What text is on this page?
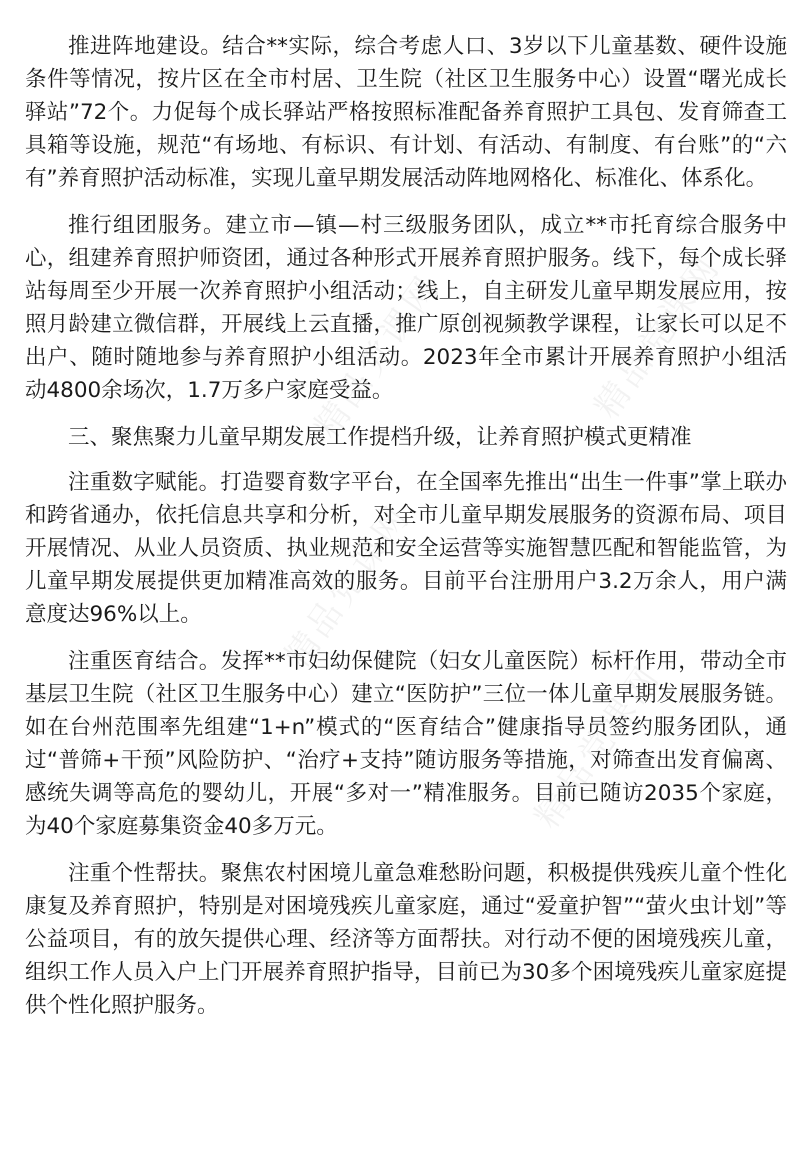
精品党课网	精品党课网
精品党课网
精品党课网

推进阵地建设。结合**实际，综合考虑人口、3岁以下儿童基数、硬件设施条件等情况，按片区在全市村居、卫生院（社区卫生服务中心）设置“曙光成长驿站”72个。力促每个成长驿站严格按照标准配备养育照护工具包、发育筛查工具箱等设施，规范“有场地、有标识、有计划、有活动、有制度、有台账”的“六有”养育照护活动标准，实现儿童早期发展活动阵地网格化、标准化、体系化。

推行组团服务。建立市—镇—村三级服务团队，成立**市托育综合服务中心，组建养育照护师资团，通过各种形式开展养育照护服务。线下，每个成长驿站每周至少开展一次养育照护小组活动；线上，自主研发儿童早期发展应用，按照月龄建立微信群，开展线上云直播，推广原创视频教学课程，让家长可以足不出户、随时随地参与养育照护小组活动。2023年全市累计开展养育照护小组活动4800余场次，1.7万多户家庭受益。

三、聚焦聚力儿童早期发展工作提档升级，让养育照护模式更精准

注重数字赋能。打造婴育数字平台，在全国率先推出“出生一件事”掌上联办和跨省通办，依托信息共享和分析，对全市儿童早期发展服务的资源布局、项目开展情况、从业人员资质、执业规范和安全运营等实施智慧匹配和智能监管，为儿童早期发展提供更加精准高效的服务。目前平台注册用户3.2万余人，用户满意度达96%以上。

注重医育结合。发挥**市妇幼保健院（妇女儿童医院）标杆作用，带动全市基层卫生院（社区卫生服务中心）建立“医防护”三位一体儿童早期发展服务链。如在台州范围率先组建“1+n”模式的“医育结合”健康指导员签约服务团队，通过“普筛+干预”风险防护、“治疗+支持”随访服务等措施，对筛查出发育偏离、感统失调等高危的婴幼儿，开展“多对一”精准服务。目前已随访2035个家庭，为40个家庭募集资金40多万元。

注重个性帮扶。聚焦农村困境儿童急难愁盼问题，积极提供残疾儿童个性化康复及养育照护，特别是对困境残疾儿童家庭，通过“爱童护智”“萤火虫计划”等公益项目，有的放矢提供心理、经济等方面帮扶。对行动不便的困境残疾儿童，组织工作人员入户上门开展养育照护指导，目前已为30多个困境残疾儿童家庭提供个性化照护服务。
